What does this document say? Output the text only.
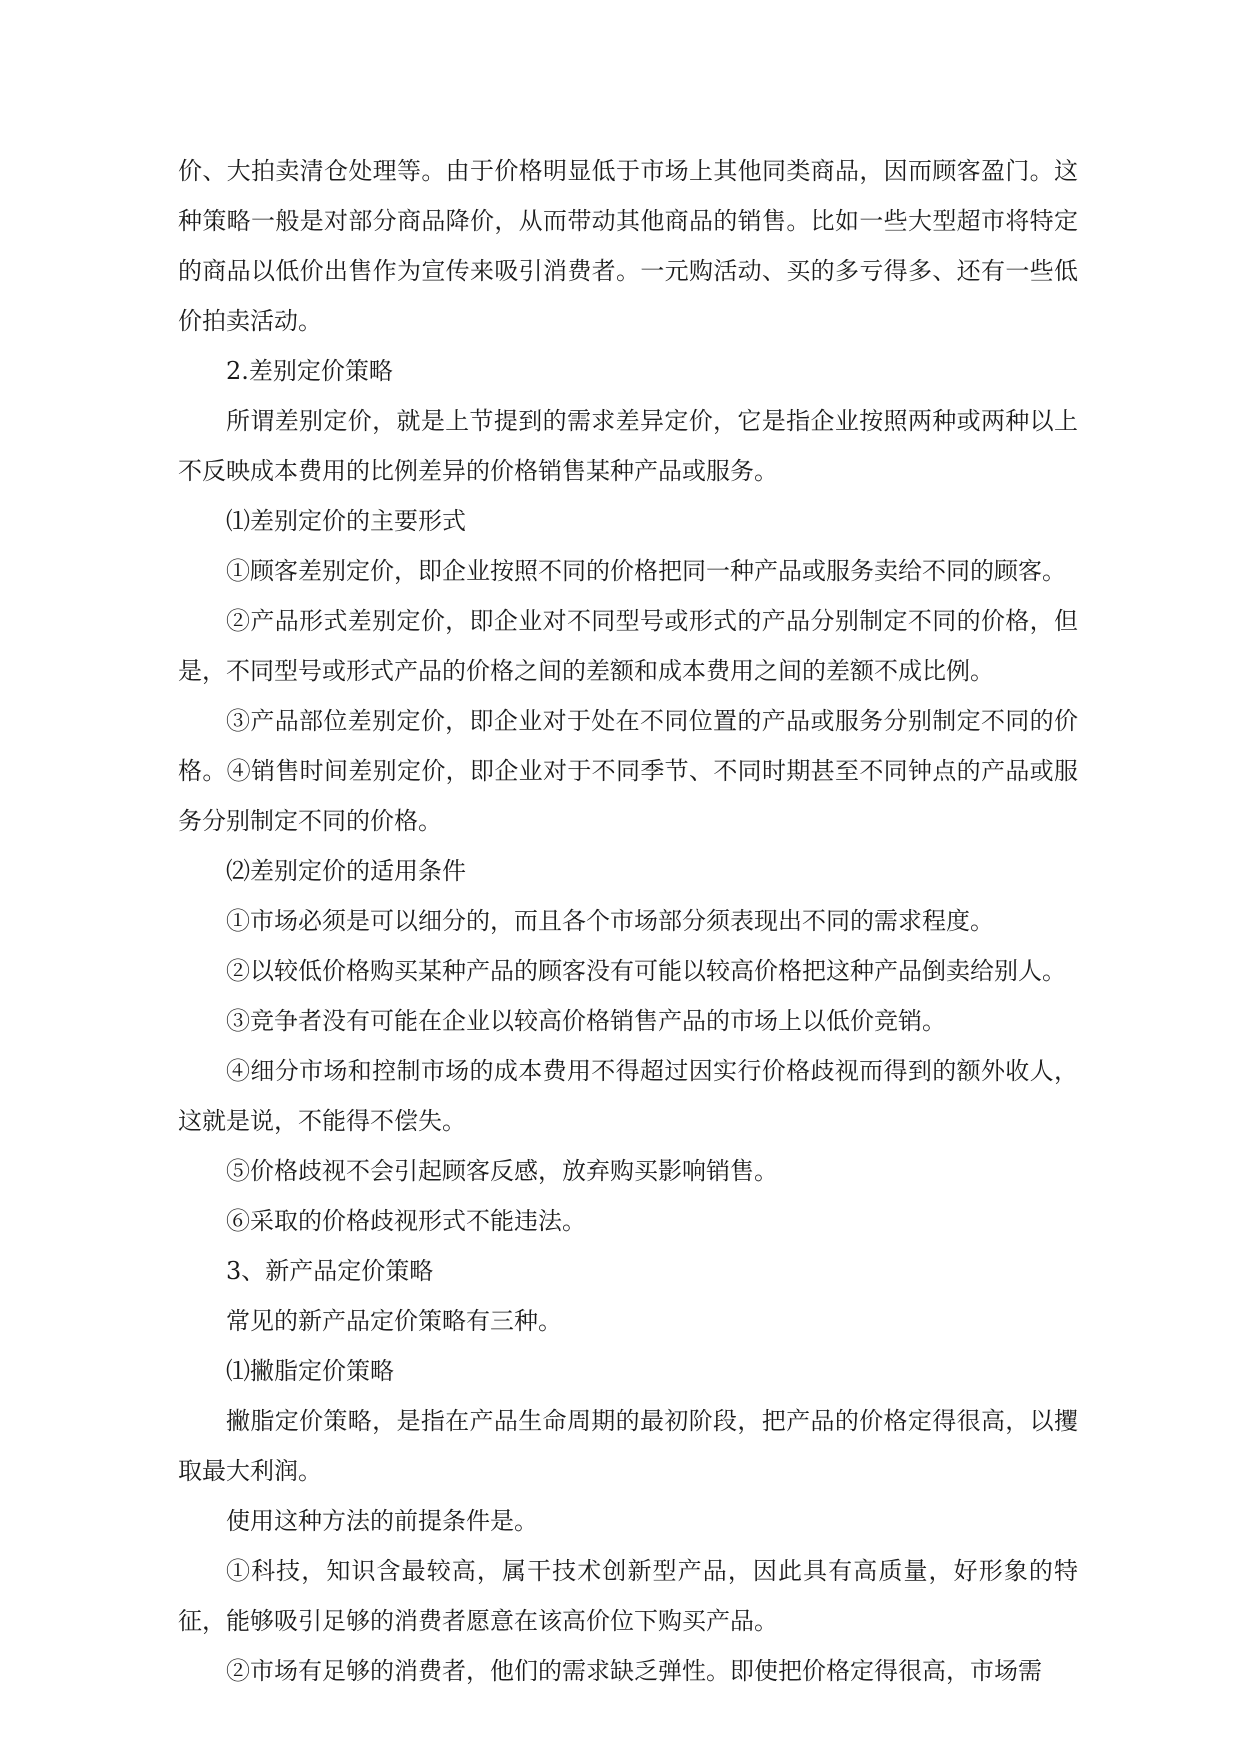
价、大拍卖清仓处理等。由于价格明显低于市场上其他同类商品，因而顾客盈门。这种策略一般是对部分商品降价，从而带动其他商品的销售。比如一些大型超市将特定的商品以低价出售作为宣传来吸引消费者。一元购活动、买的多亏得多、还有一些低价拍卖活动。

2.差别定价策略

所谓差别定价，就是上节提到的需求差异定价，它是指企业按照两种或两种以上不反映成本费用的比例差异的价格销售某种产品或服务。

⑴差别定价的主要形式

①顾客差别定价，即企业按照不同的价格把同一种产品或服务卖给不同的顾客。

②产品形式差别定价，即企业对不同型号或形式的产品分别制定不同的价格，但是，不同型号或形式产品的价格之间的差额和成本费用之间的差额不成比例。

③产品部位差别定价，即企业对于处在不同位置的产品或服务分别制定不同的价格。④销售时间差别定价，即企业对于不同季节、不同时期甚至不同钟点的产品或服务分别制定不同的价格。

⑵差别定价的适用条件

①市场必须是可以细分的，而且各个市场部分须表现出不同的需求程度。

②以较低价格购买某种产品的顾客没有可能以较高价格把这种产品倒卖给别人。

③竞争者没有可能在企业以较高价格销售产品的市场上以低价竞销。

④细分市场和控制市场的成本费用不得超过因实行价格歧视而得到的额外收人，这就是说，不能得不偿失。

⑤价格歧视不会引起顾客反感，放弃购买影响销售。

⑥采取的价格歧视形式不能违法。

3、新产品定价策略

常见的新产品定价策略有三种。

⑴撇脂定价策略

撇脂定价策略，是指在产品生命周期的最初阶段，把产品的价格定得很高，以攫取最大利润。

使用这种方法的前提条件是。

①科技，知识含最较高，属干技术创新型产品，因此具有高质量，好形象的特征，能够吸引足够的消费者愿意在该高价位下购买产品。

②市场有足够的消费者，他们的需求缺乏弹性。即使把价格定得很高，市场需
